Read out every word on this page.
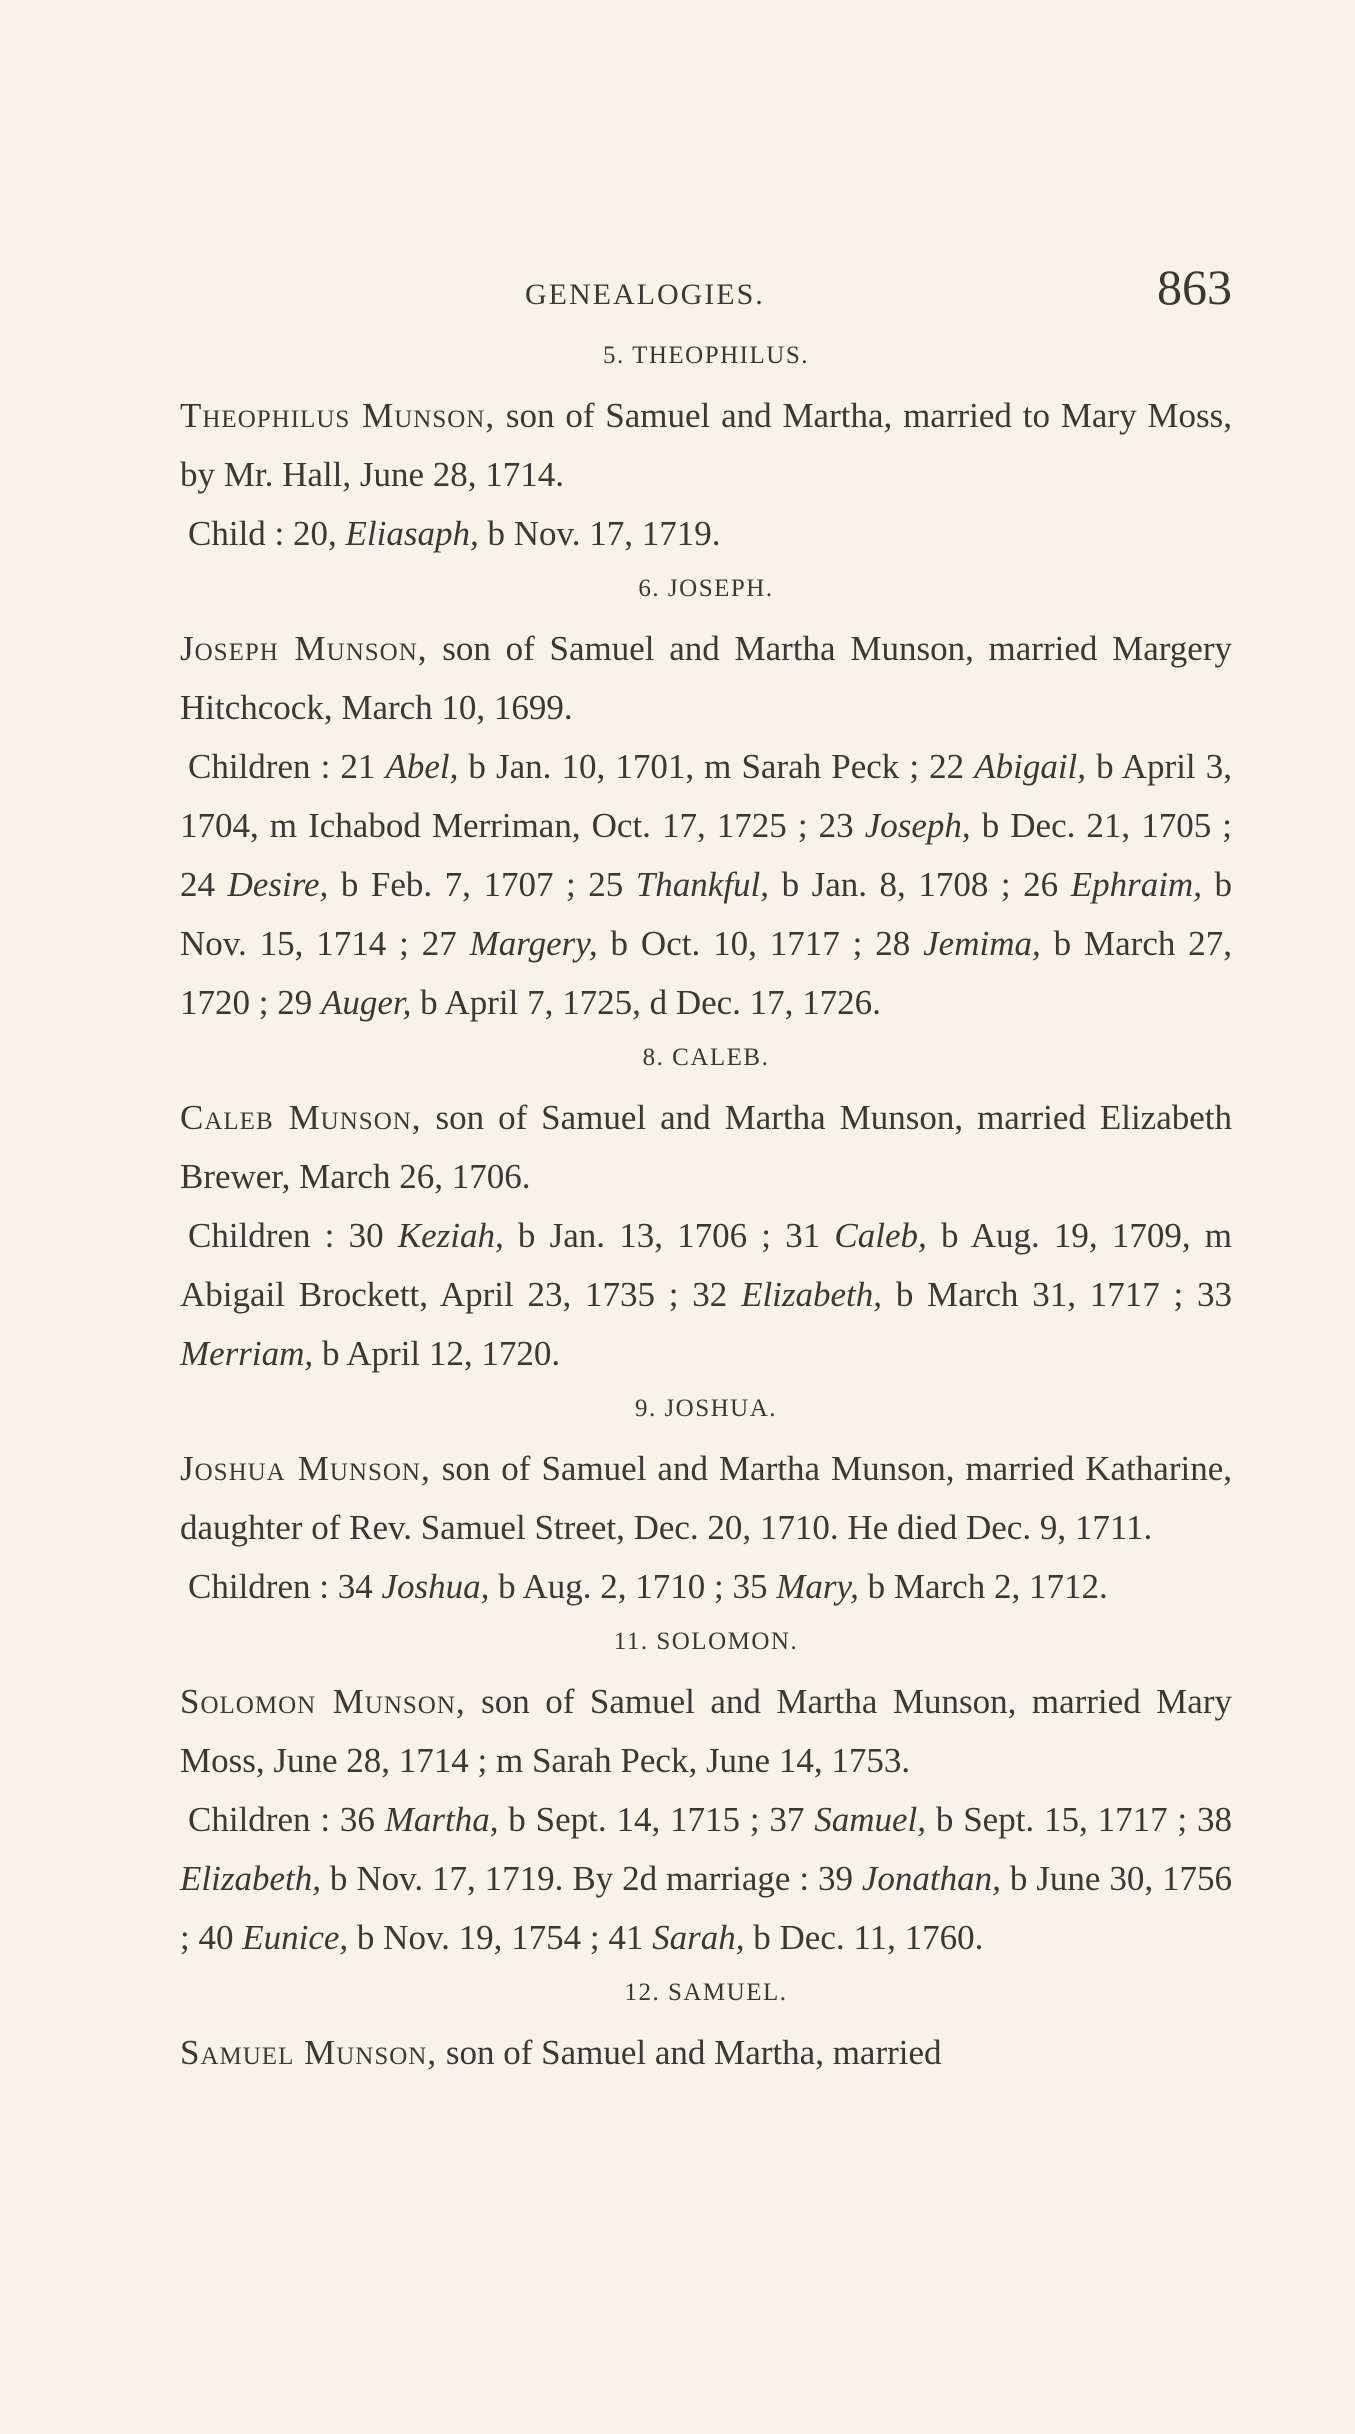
GENEALOGIES.	863
5. THEOPHILUS.
Theophilus Munson, son of Samuel and Martha, married to Mary Moss, by Mr. Hall, June 28, 1714.
Child : 20, Eliasaph, b Nov. 17, 1719.
6. JOSEPH.
Joseph Munson, son of Samuel and Martha Munson, married Margery Hitchcock, March 10, 1699.
Children : 21 Abel, b Jan. 10, 1701, m Sarah Peck ; 22 Abigail, b April 3, 1704, m Ichabod Merriman, Oct. 17, 1725 ; 23 Joseph, b Dec. 21, 1705 ; 24 Desire, b Feb. 7, 1707 ; 25 Thankful, b Jan. 8, 1708 ; 26 Ephraim, b Nov. 15, 1714 ; 27 Margery, b Oct. 10, 1717 ; 28 Jemima, b March 27, 1720 ; 29 Auger, b April 7, 1725, d Dec. 17, 1726.
8. CALEB.
Caleb Munson, son of Samuel and Martha Munson, married Elizabeth Brewer, March 26, 1706.
Children : 30 Keziah, b Jan. 13, 1706 ; 31 Caleb, b Aug. 19, 1709, m Abigail Brockett, April 23, 1735 ; 32 Elizabeth, b March 31, 1717 ; 33 Merriam, b April 12, 1720.
9. JOSHUA.
Joshua Munson, son of Samuel and Martha Munson, married Katharine, daughter of Rev. Samuel Street, Dec. 20, 1710. He died Dec. 9, 1711.
Children : 34 Joshua, b Aug. 2, 1710 ; 35 Mary, b March 2, 1712.
11. SOLOMON.
Solomon Munson, son of Samuel and Martha Munson, married Mary Moss, June 28, 1714 ; m Sarah Peck, June 14, 1753.
Children : 36 Martha, b Sept. 14, 1715 ; 37 Samuel, b Sept. 15, 1717 ; 38 Elizabeth, b Nov. 17, 1719. By 2d marriage : 39 Jonathan, b June 30, 1756 ; 40 Eunice, b Nov. 19, 1754 ; 41 Sarah, b Dec. 11, 1760.
12. SAMUEL.
Samuel Munson, son of Samuel and Martha, married
